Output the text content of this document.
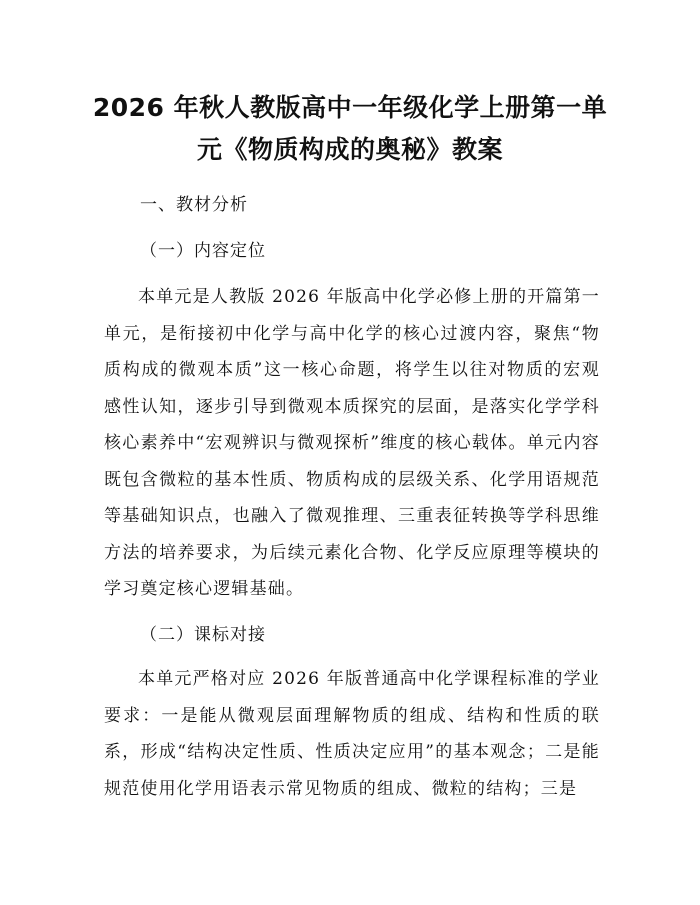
2026 年秋人教版高中一年级化学上册第一单
元《物质构成的奥秘》教案
一、教材分析
（一）内容定位

本单元是人教版 2026 年版高中化学必修上册的开篇第一单元，是衔接初中化学与高中化学的核心过渡内容，聚焦“物质构成的微观本质”这一核心命题，将学生以往对物质的宏观感性认知，逐步引导到微观本质探究的层面，是落实化学学科核心素养中“宏观辨识与微观探析”维度的核心载体。单元内容既包含微粒的基本性质、物质构成的层级关系、化学用语规范等基础知识点，也融入了微观推理、三重表征转换等学科思维方法的培养要求，为后续元素化合物、化学反应原理等模块的学习奠定核心逻辑基础。

（二）课标对接

本单元严格对应 2026 年版普通高中化学课程标准的学业要求：一是能从微观层面理解物质的组成、结构和性质的联系，形成“结构决定性质、性质决定应用”的基本观念；二是能规范使用化学用语表示常见物质的组成、微粒的结构；三是
